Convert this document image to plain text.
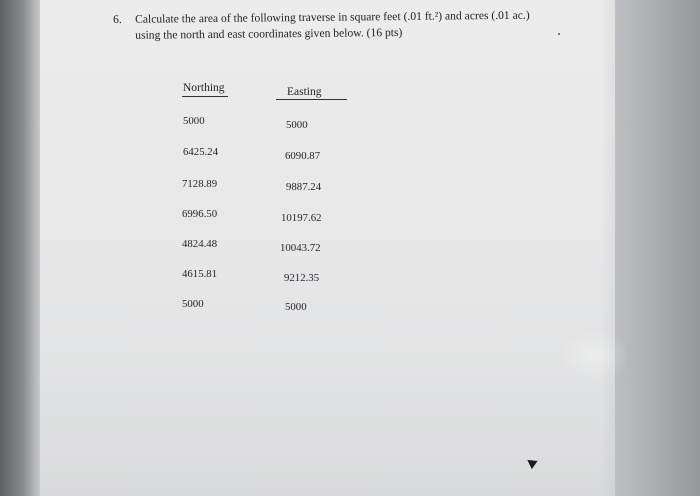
6. Calculate the area of the following traverse in square feet (.01 ft.²) and acres (.01 ac.)
using the north and east coordinates given below. (16 pts)
Northing	Easting
5000	5000
6425.24	6090.87
7128.89	9887.24
6996.50	10197.62
4824.48	10043.72
4615.81	9212.35
5000	5000
